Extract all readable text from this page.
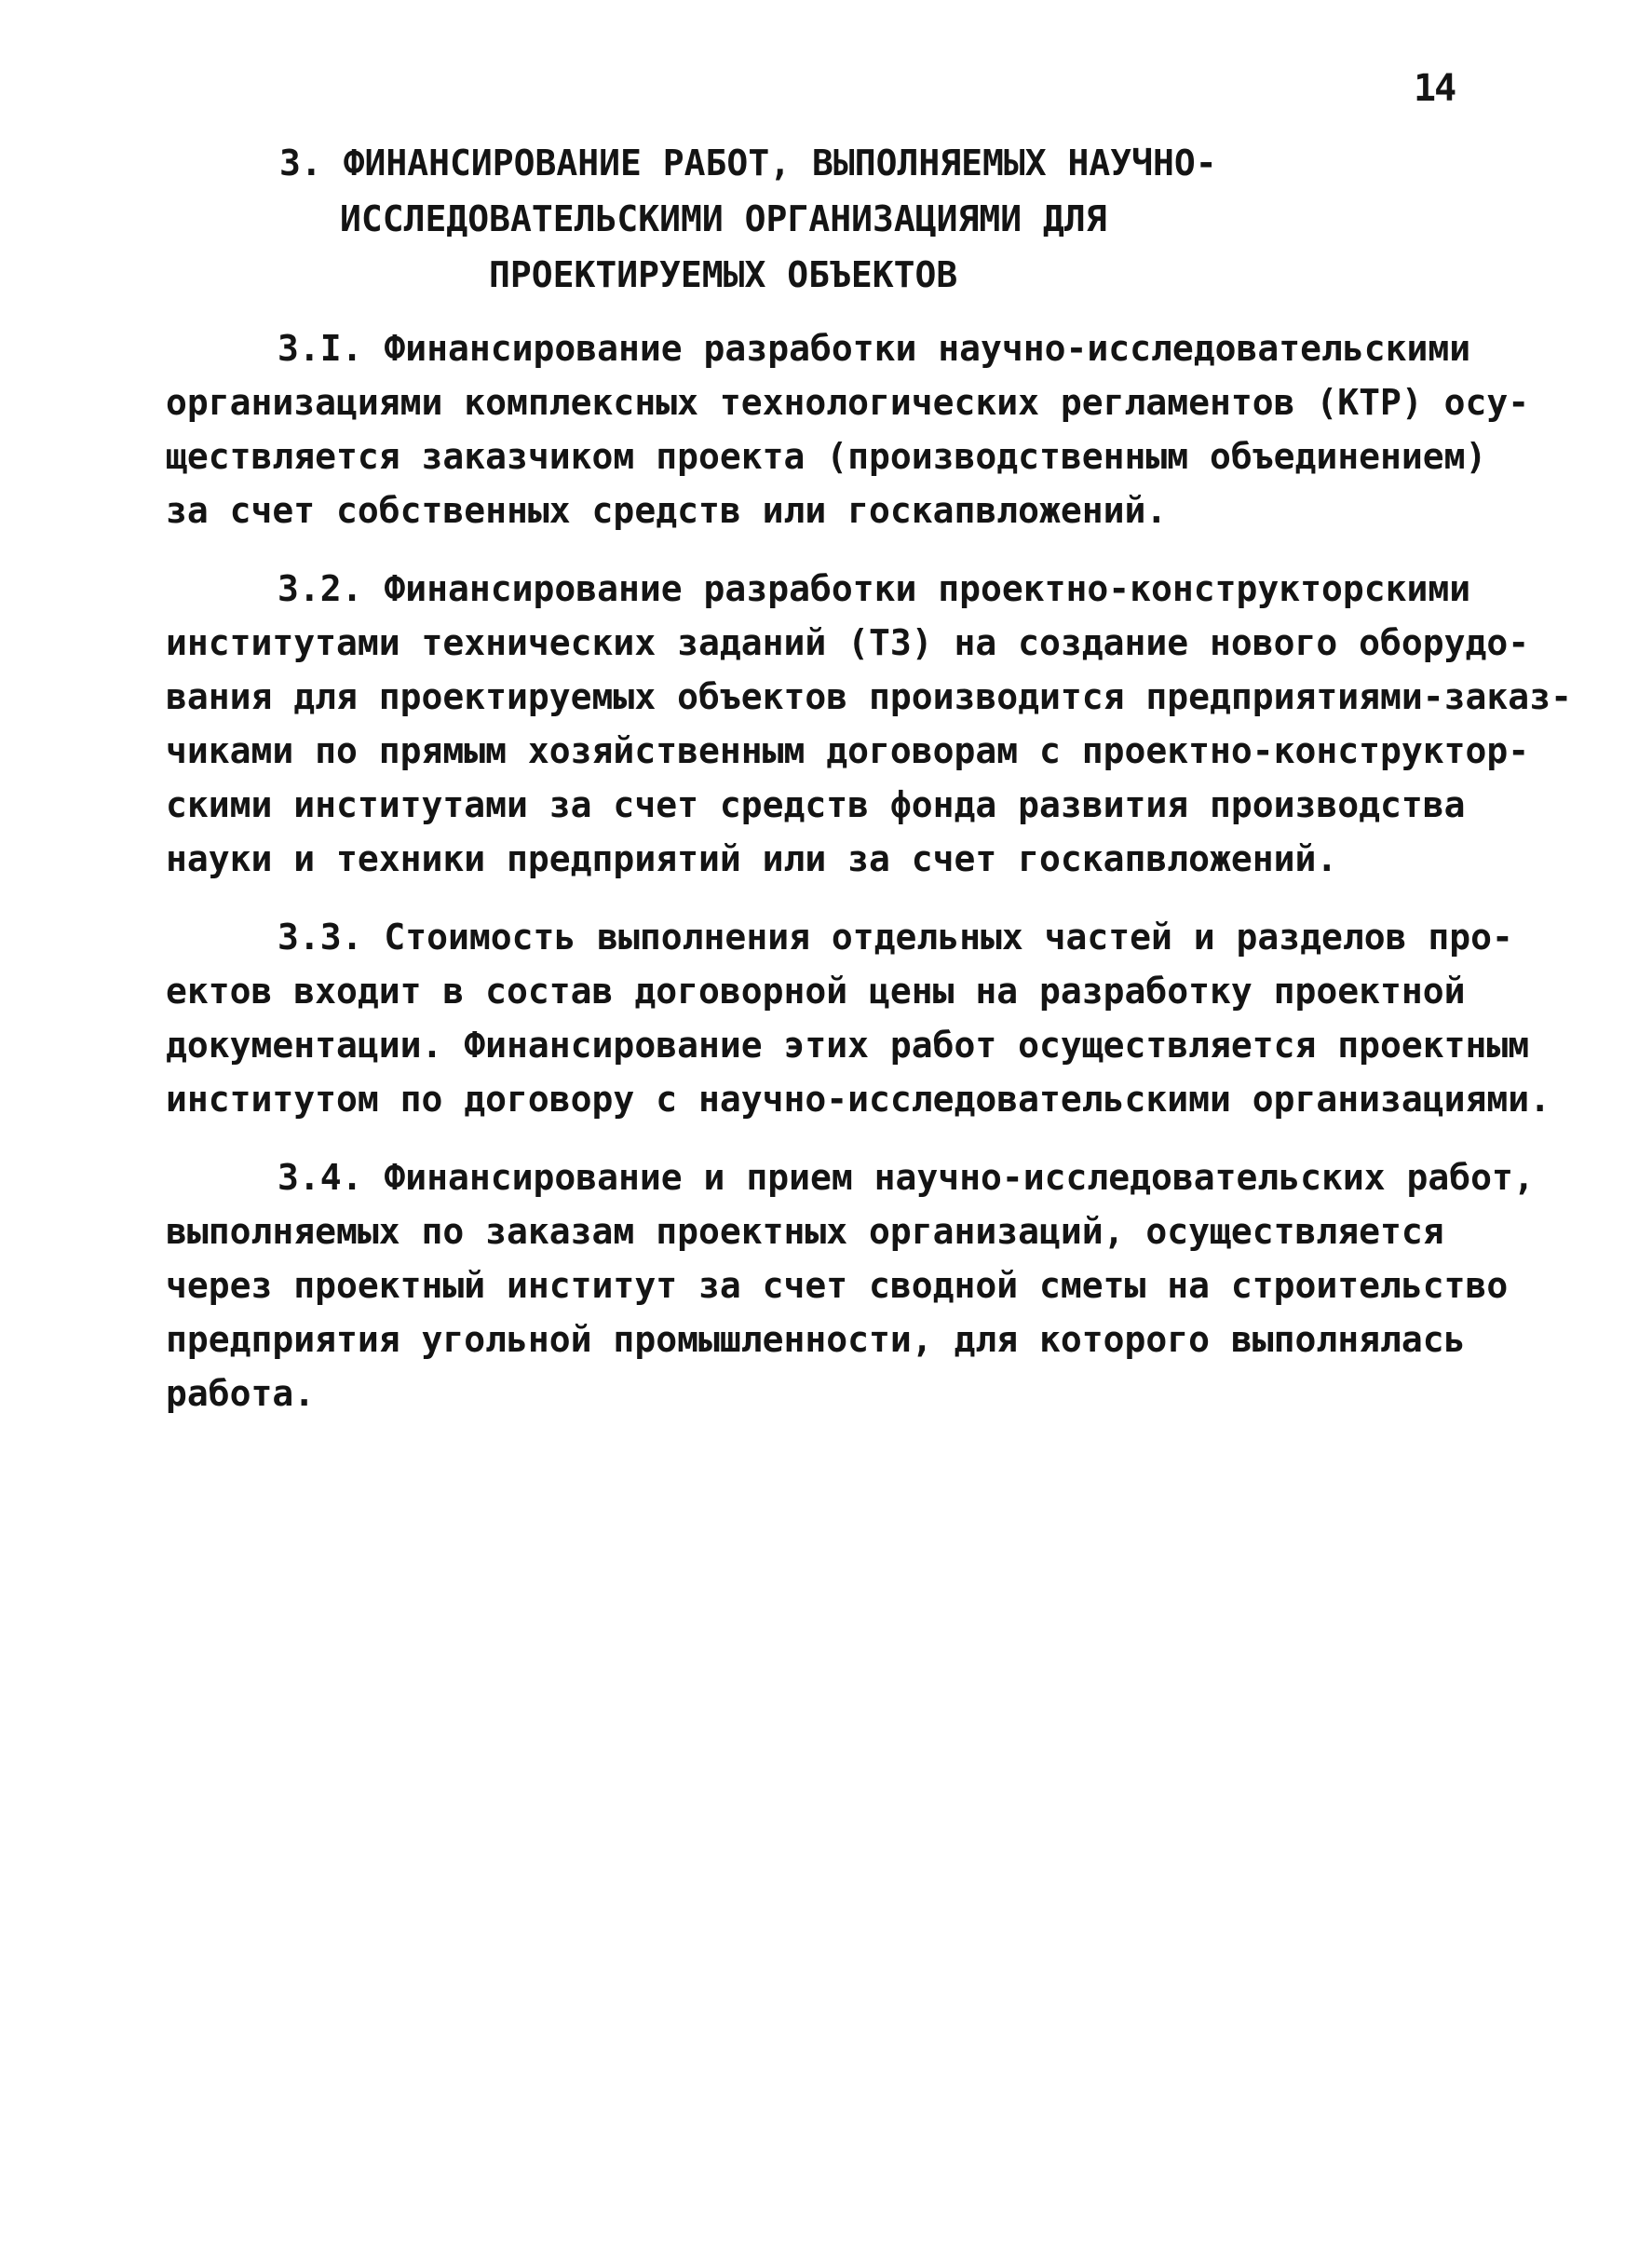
14
3. ФИНАНСИРОВАНИЕ РАБОТ, ВЫПОЛНЯЕМЫХ НАУЧНО-
ИССЛЕДОВАТЕЛЬСКИМИ ОРГАНИЗАЦИЯМИ ДЛЯ
ПРОЕКТИРУЕМЫХ ОБЪЕКТОВ
3.I. Финансирование разработки научно-исследовательскими
организациями комплексных технологических регламентов (КТР) осу-
ществляется заказчиком проекта (производственным объединением)
за счет собственных средств или госкапвложений.
3.2. Финансирование разработки проектно-конструкторскими
институтами технических заданий (ТЗ) на создание нового оборудо-
вания для проектируемых объектов производится предприятиями-заказ-
чиками по прямым хозяйственным договорам с проектно-конструктор-
скими институтами за счет средств фонда развития производства
науки и техники предприятий или за счет госкапвложений.
3.3. Стоимость выполнения отдельных частей и разделов про-
ектов входит в состав договорной цены на разработку проектной
документации. Финансирование этих работ осуществляется проектным
институтом по договору с научно-исследовательскими организациями.
3.4. Финансирование и прием научно-исследовательских работ,
выполняемых по заказам проектных организаций, осуществляется
через проектный институт за счет сводной сметы на строительство
предприятия угольной промышленности, для которого выполнялась
работа.
